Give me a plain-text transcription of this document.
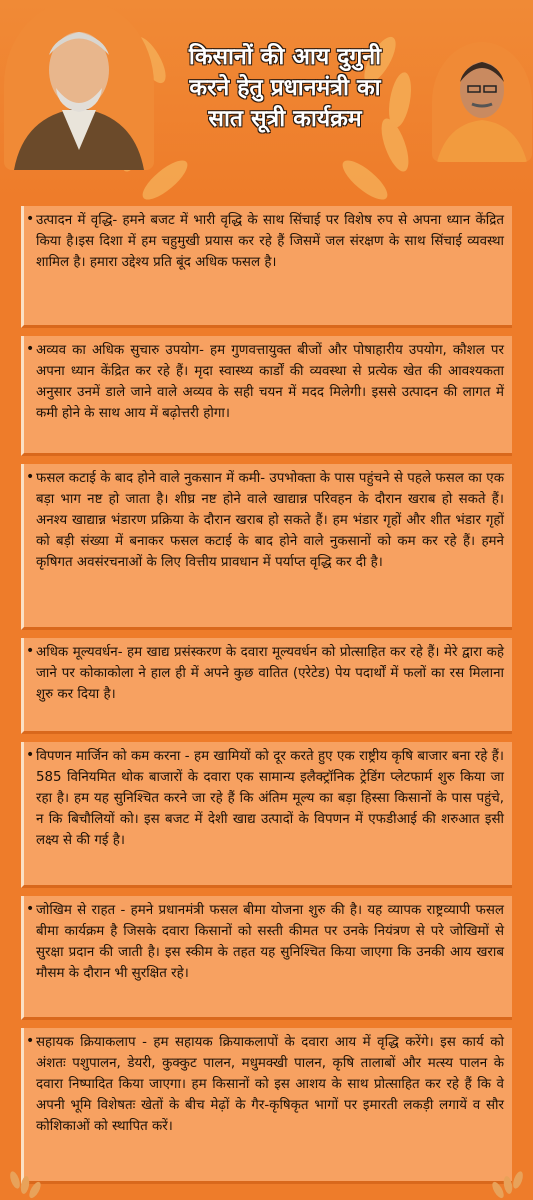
किसानों की आय दुगुनी
करने हेतु प्रधानमंत्री का
सात सूत्री कार्यक्रम
• उत्पादन में वृद्धि- हमने बजट में भारी वृद्धि के साथ सिंचाई पर विशेष रुप से अपना ध्यान केंद्रित किया है।इस दिशा में हम चहुमुखी प्रयास कर रहे हैं जिसमें जल संरक्षण के साथ सिंचाई व्यवस्था शामिल है। हमारा उद्देश्य प्रति बूंद अधिक फसल है।
• अव्यव का अधिक सुचारु उपयोग- हम गुणवत्तायुक्त बीजों और पोषाहारीय उपयोग, कौशल पर अपना ध्यान केंद्रित कर रहे हैं। मृदा स्वास्थ्य कार्डों की व्यवस्था से प्रत्येक खेत की आवश्यकता अनुसार उनमें डाले जाने वाले अव्यव के सही चयन में मदद मिलेगी। इससे उत्पादन की लागत में कमी होने के साथ आय में बढ़ोत्तरी होगा।
• फसल कटाई के बाद होने वाले नुकसान में कमी- उपभोक्ता के पास पहुंचने से पहले फसल का एक बड़ा भाग नष्ट हो जाता है। शीघ्र नष्ट होने वाले खाद्यान्न परिवहन के दौरान खराब हो सकते हैं। अनश्य खाद्यान्न भंडारण प्रक्रिया के दौरान खराब हो सकते हैं। हम भंडार गृहों और शीत भंडार गृहों को बड़ी संख्या में बनाकर फसल कटाई के बाद होने वाले नुकसानों को कम कर रहे हैं। हमने कृषिगत अवसंरचनाओं के लिए वित्तीय प्रावधान में पर्याप्त वृद्धि कर दी है।
• अधिक मूल्यवर्धन- हम खाद्य प्रसंस्करण के दवारा मूल्यवर्धन को प्रोत्साहित कर रहे हैं। मेरे द्वारा कहे जाने पर कोकाकोला ने हाल ही में अपने कुछ वातित (एरेटेड) पेय पदार्थों में फलों का रस मिलाना शुरु कर दिया है।
• विपणन मार्जिन को कम करना - हम खामियों को दूर करते हुए एक राष्ट्रीय कृषि बाजार बना रहे हैं। 585 विनियमित थोक बाजारों के दवारा एक सामान्य इलैक्ट्रॉनिक ट्रेडिंग प्लेटफार्म शुरु किया जा रहा है। हम यह सुनिश्चित करने जा रहे हैं कि अंतिम मूल्य का बड़ा हिस्सा किसानों के पास पहुंचे, न कि बिचौलियों को। इस बजट में देशी खाद्य उत्पादों के विपणन में एफडीआई की शरुआत इसी लक्ष्य से की गई है।
• जोखिम से राहत - हमने प्रधानमंत्री फसल बीमा योजना शुरु की है। यह व्यापक राष्ट्रव्यापी फसल बीमा कार्यक्रम है जिसके दवारा किसानों को सस्ती कीमत पर उनके नियंत्रण से परे जोखिमों से सुरक्षा प्रदान की जाती है। इस स्कीम के तहत यह सुनिश्चित किया जाएगा कि उनकी आय खराब मौसम के दौरान भी सुरक्षित रहे।
• सहायक क्रियाकलाप - हम सहायक क्रियाकलापों के दवारा आय में वृद्धि करेंगे। इस कार्य को अंशतः पशुपालन, डेयरी, कुक्कुट पालन, मधुमक्खी पालन, कृषि तालाबों और मत्स्य पालन के दवारा निष्पादित किया जाएगा। हम किसानों को इस आशय के साथ प्रोत्साहित कर रहे हैं कि वे अपनी भूमि विशेषतः खेतों के बीच मेढ़ों के गैर-कृषिकृत भागों पर इमारती लकड़ी लगायें व सौर कोशिकाओं को स्थापित करें।
